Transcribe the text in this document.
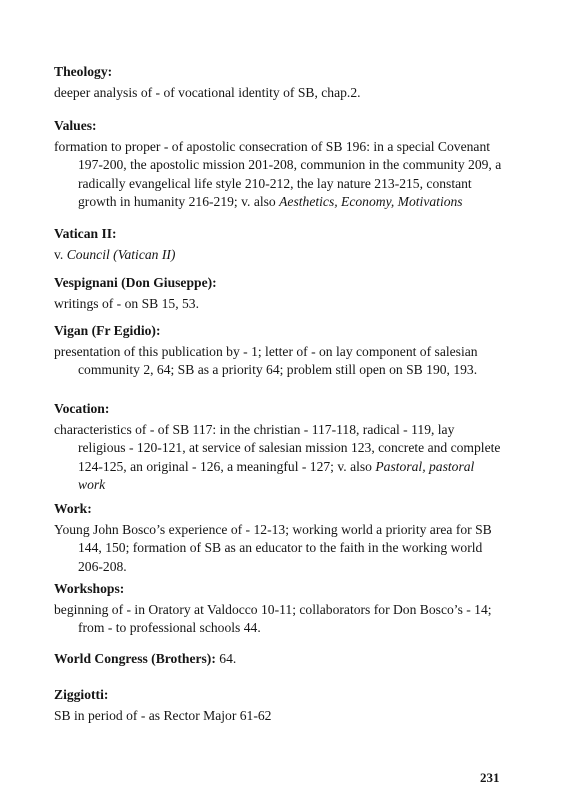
Theology:
deeper analysis of - of vocational identity of SB, chap.2.
Values:
formation to proper - of apostolic consecration of SB 196: in a special Covenant 197-200, the apostolic mission 201-208, communion in the community 209, a radically evangelical life style 210-212, the lay nature 213-215, constant growth in humanity 216-219; v. also Aesthetics, Economy, Motivations
Vatican II:
v. Council (Vatican II)
Vespignani (Don Giuseppe):
writings of - on SB 15, 53.
Vigan (Fr Egidio):
presentation of this publication by - 1; letter of - on lay component of salesian community 2, 64; SB as a priority 64; problem still open on SB 190, 193.
Vocation:
characteristics of - of SB 117: in the christian - 117-118, radical - 119, lay religious - 120-121, at service of salesian mission 123, concrete and complete 124-125, an original - 126, a meaningful - 127; v. also Pastoral, pastoral work
Work:
Young John Bosco’s experience of - 12-13; working world a priority area for SB 144, 150; formation of SB as an educator to the faith in the working world 206-208.
Workshops:
beginning of - in Oratory at Valdocco 10-11; collaborators for Don Bosco’s - 14; from - to professional schools 44.
World Congress (Brothers): 64.
Ziggiotti:
SB in period of - as Rector Major 61-62
231
